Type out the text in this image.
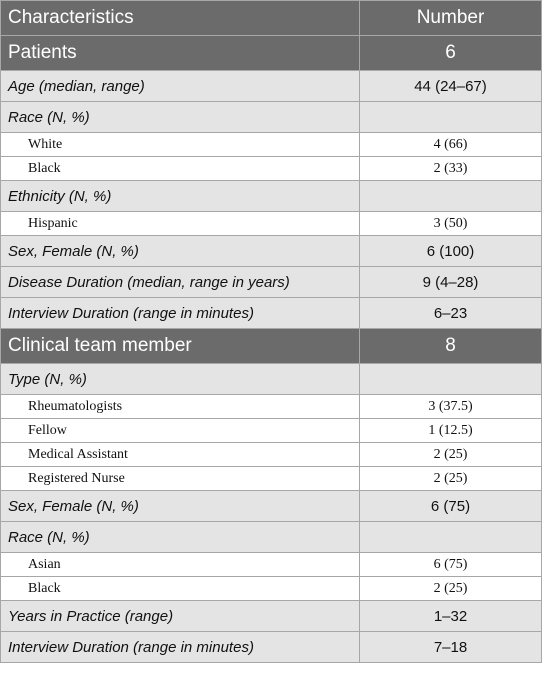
Characteristics	Number
Patients	6
Age (median, range)	44 (24–67)
Race (N, %)	
White	4 (66)
Black	2 (33)
Ethnicity (N, %)	
Hispanic	3 (50)
Sex, Female (N, %)	6 (100)
Disease Duration (median, range in years)	9 (4–28)
Interview Duration (range in minutes)	6–23
Clinical team member	8
Type (N, %)	
Rheumatologists	3 (37.5)
Fellow	1 (12.5)
Medical Assistant	2 (25)
Registered Nurse	2 (25)
Sex, Female (N, %)	6 (75)
Race (N, %)	
Asian	6 (75)
Black	2 (25)
Years in Practice (range)	1–32
Interview Duration (range in minutes)	7–18
